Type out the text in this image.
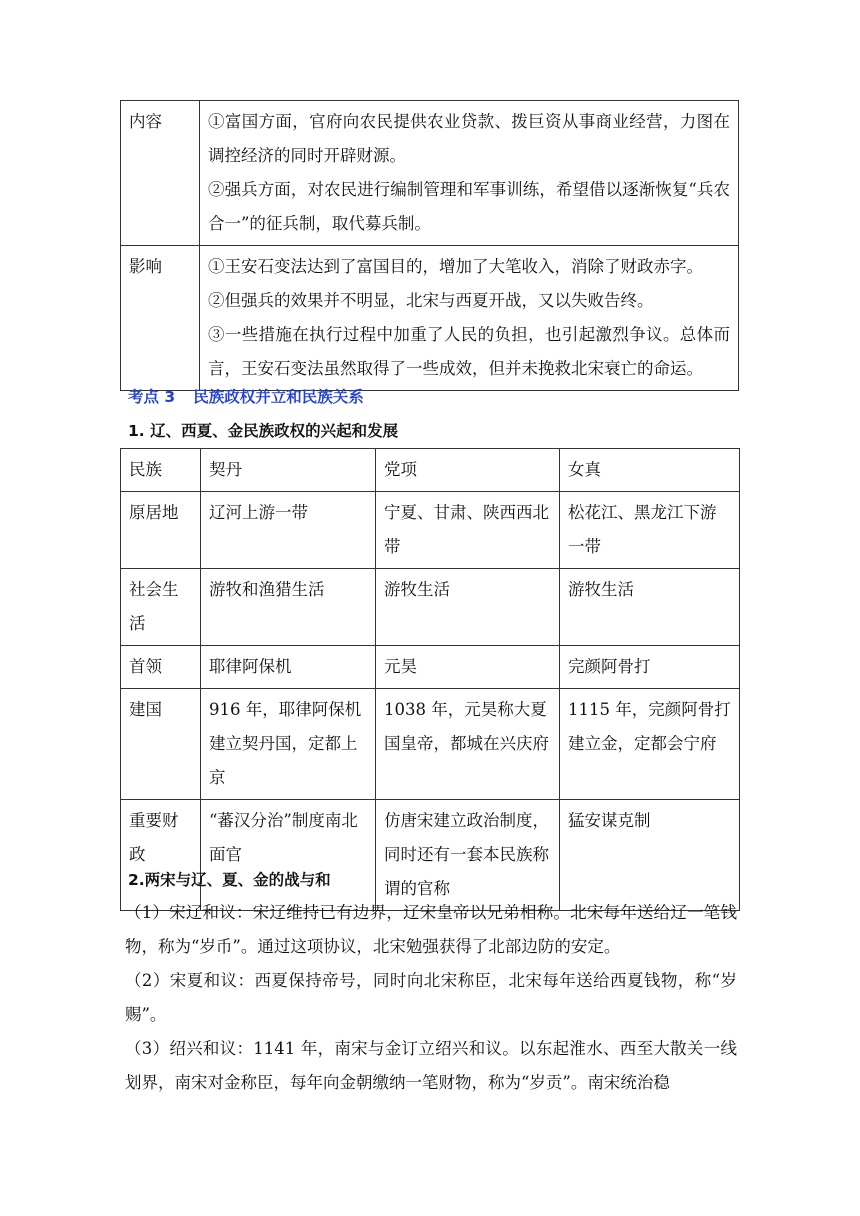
内容	①富国方面，官府向农民提供农业贷款、拨巨资从事商业经营，力图在调控经济的同时开辟财源。

②强兵方面，对农民进行编制管理和军事训练，希望借以逐渐恢复“兵农合一”的征兵制，取代募兵制。

影响	①王安石变法达到了富国目的，增加了大笔收入，消除了财政赤字。

②但强兵的效果并不明显，北宋与西夏开战，又以失败告终。

③一些措施在执行过程中加重了人民的负担，也引起激烈争议。总体而言，王安石变法虽然取得了一些成效，但并未挽救北宋衰亡的命运。

考点 3 民族政权并立和民族关系
1. 辽、西夏、金民族政权的兴起和发展
民族	契丹	党项	女真
原居地	辽河上游一带	宁夏、甘肃、陕西西北带	松花江、黑龙江下游一带
社会生活	游牧和渔猎生活	游牧生活	游牧生活
首领	耶律阿保机	元昊	完颜阿骨打
建国	916 年，耶律阿保机建立契丹国，定都上京	1038 年，元昊称大夏国皇帝，都城在兴庆府	1115 年，完颜阿骨打建立金，定都会宁府
重要财政	“蕃汉分治”制度南北面官	仿唐宋建立政治制度，同时还有一套本民族称谓的官称	猛安谋克制
2.两宋与辽、夏、金的战与和

（1）宋辽和议：宋辽维持已有边界，辽宋皇帝以兄弟相称。北宋每年送给辽一笔钱物，称为“岁币”。通过这项协议，北宋勉强获得了北部边防的安定。

（2）宋夏和议：西夏保持帝号，同时向北宋称臣，北宋每年送给西夏钱物，称“岁赐”。

（3）绍兴和议：1141 年，南宋与金订立绍兴和议。以东起淮水、西至大散关一线划界，南宋对金称臣，每年向金朝缴纳一笔财物，称为“岁贡”。南宋统治稳
